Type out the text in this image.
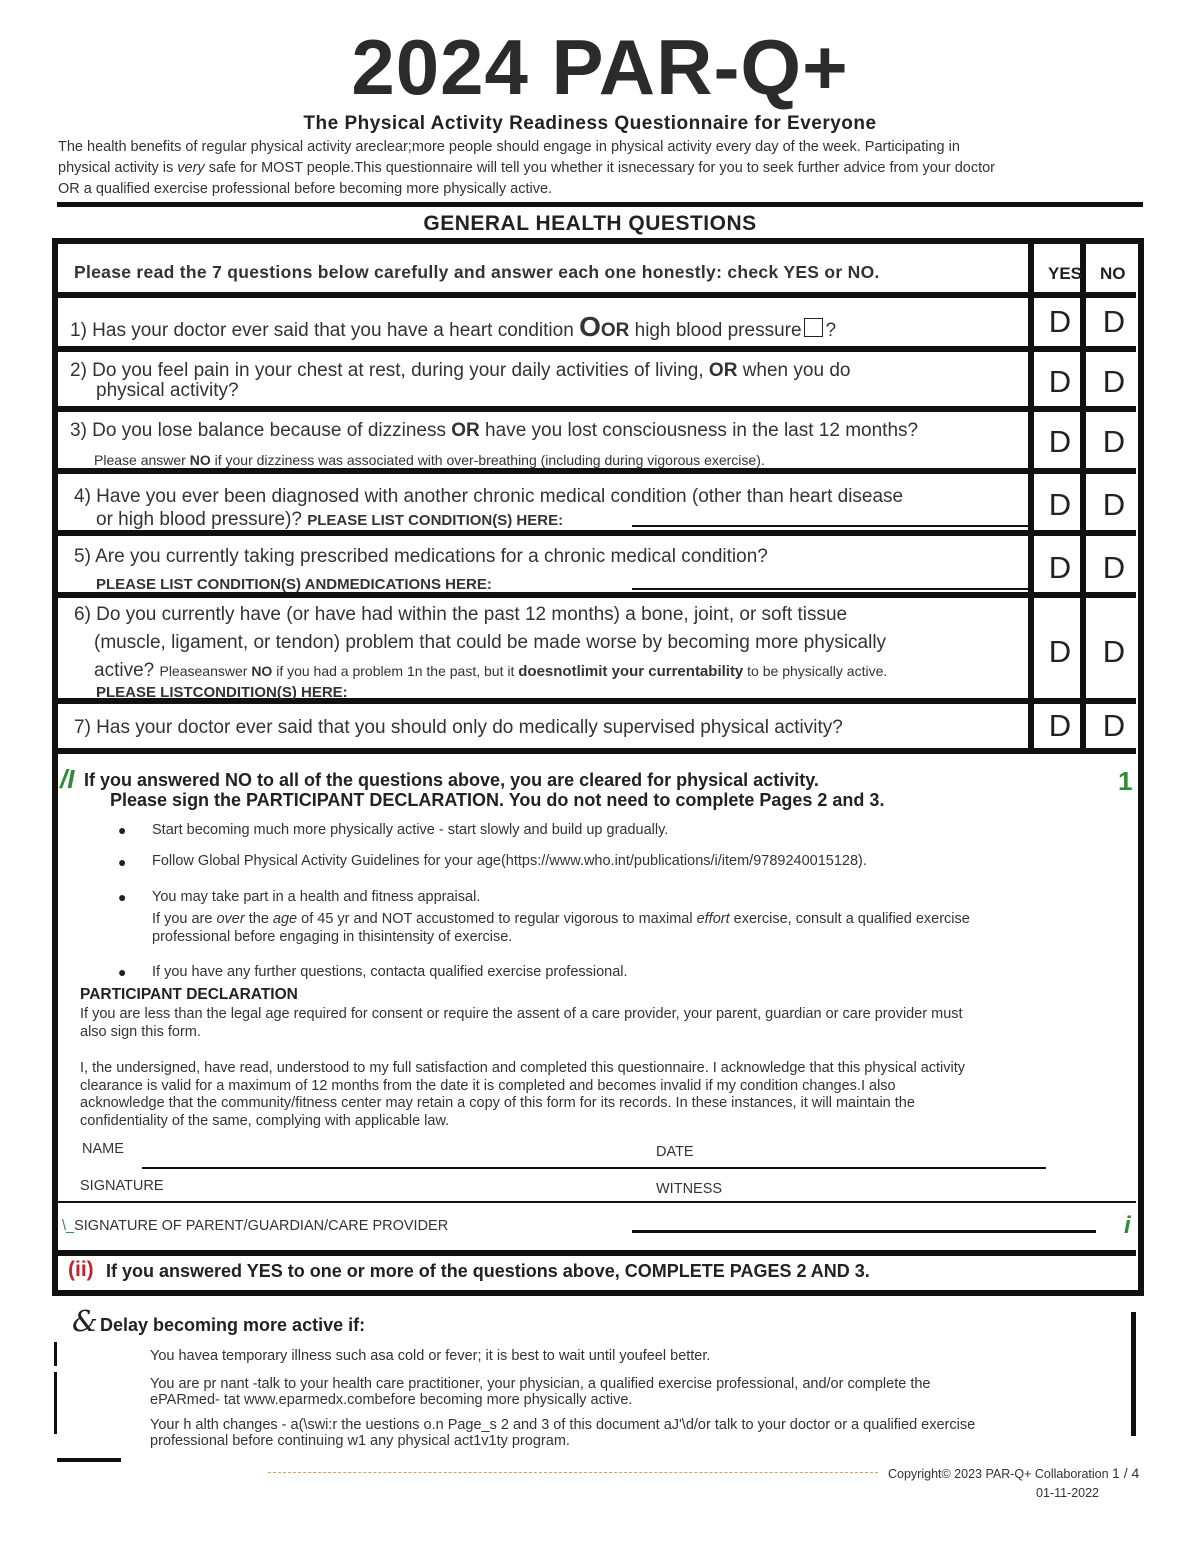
2024 PAR-Q+
The Physical Activity Readiness Questionnaire for Everyone
The health benefits of regular physical activity areclear;more people should engage in physical activity every day of the week. Participating in
physical activity is very safe for MOST people.This questionnaire will tell you whether it isnecessary for you to seek further advice from your doctor
OR a qualified exercise professional before becoming more physically active.
GENERAL HEALTH QUESTIONS
Please read the 7 questions below carefully and answer each one honestly: check YES or NO.	YES NO
1) Has your doctor ever said that you have a heart condition OOR high blood pressure ?	D	D
2) Do you feel pain in your chest at rest, during your daily activities of living, OR when you do
physical activity?	D	D
3) Do you lose balance because of dizziness OR have you lost consciousness in the last 12 months?
Please answer NO if your dizziness was associated with over-breathing (including during vigorous exercise).
D	D
4) Have you ever been diagnosed with another chronic medical condition (other than heart disease
or high blood pressure)? PLEASE LIST CONDITION(S) HERE:	D	D
5) Are you currently taking prescribed medications for a chronic medical condition?
PLEASE LIST CONDITION(S) ANDMEDICATIONS HERE:	D	D
6) Do you currently have (or have had within the past 12 months) a bone, joint, or soft tissue
(muscle, ligament, or tendon) problem that could be made worse by becoming more physically
active? Pleaseanswer NO if you had a problem 1n the past, but it doesnotlimit your currentability to be physically active.
PLEASE LISTCONDITION(S) HERE:
D	D
7) Has your doctor ever said that you should only do medically supervised physical activity?	D	D
/I	1
If you answered NO to all of the questions above, you are cleared for physical activity.
Please sign the PARTICIPANT DECLARATION. You do not need to complete Pages 2 and 3.
● Start becoming much more physically active - start slowly and build up gradually.
● Follow Global Physical Activity Guidelines for your age(https://www.who.int/publications/i/item/9789240015128).
● You may take part in a health and fitness appraisal.
If you are over the age of 45 yr and NOT accustomed to regular vigorous to maximal effort exercise, consult a qualified exercise
professional before engaging in thisintensity of exercise.
● If you have any further questions, contacta qualified exercise professional.
PARTICIPANT DECLARATION
If you are less than the legal age required for consent or require the assent of a care provider, your parent, guardian or care provider must
also sign this form.
I, the undersigned, have read, understood to my full satisfaction and completed this questionnaire. I acknowledge that this physical activity
clearance is valid for a maximum of 12 months from the date it is completed and becomes invalid if my condition changes.I also
acknowledge that the community/fitness center may retain a copy of this form for its records. In these instances, it will maintain the
confidentiality of the same, complying with applicable law.
NAME	DATE
SIGNATURE	WITNESS
\_SIGNATURE OF PARENT/GUARDIAN/CARE PROVIDER	i
(ii) If you answered YES to one or more of the questions above, COMPLETE PAGES 2 AND 3.
& Delay becoming more active if:
You havea temporary illness such asa cold or fever; it is best to wait until youfeel better.
You are pr nant -talk to your health care practitioner, your physician, a qualified exercise professional, and/or complete the
ePARmed- tat www.eparmedx.combefore becoming more physically active.
Your h alth changes - a(\swi:r the uestions o.n Page_s 2 and 3 of this document aJ'\d/or talk to your doctor or a qualified exercise
professional before continuing w1 any physical act1v1ty program.
Copyright© 2023 PAR-Q+ Collaboration 1 / 4
01-11-2022
